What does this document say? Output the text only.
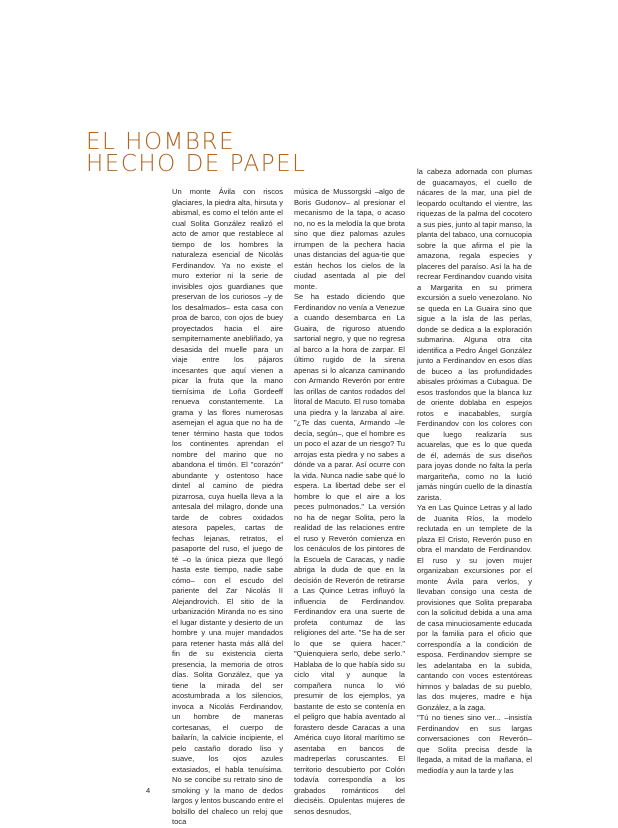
EL HOMBRE
HECHO DE PAPEL

Un monte Ávila con riscos glaciares, la piedra alta, hirsuta y abismal, es como el telón ante el cual Solita González realizó el acto de amor que restablece al tiempo de los hombres la naturaleza esencial de Nicolás Ferdinandov. Ya no existe el muro exterior ni la serie de invisibles ojos guardianes que preservan de los curiosos –y de los desalmados– esta casa con proa de barco, con ojos de buey proyectados hacia el aire sempiternamente anebliñado, ya desasida del muelle para un viaje entre los pájaros incesantes que aquí vienen a picar la fruta que la mano tiernísima de Loña Gordeeff renueva constantemente. La grama y las flores numerosas asemejan el agua que no ha de tener término hasta que todos los continentes aprendan el nombre del marino que no abandona el timón. El "corazón" abundante y ostentoso hace dintel al camino de piedra pizarrosa, cuya huella lleva a la antesala del milagro, donde una tarde de cobres oxidados atesora papeles, cartas de fechas lejanas, retratos, el pasaporte del ruso, el juego de té –o la única pieza que llegó hasta este tiempo, nadie sabe cómo– con el escudo del pariente del Zar Nicolás II Alejandrovich. El sitio de la urbanización Miranda no es sino el lugar distante y desierto de un hombre y una mujer mandados para retener hasta más allá del fin de su existencia cierta presencia, la memoria de otros días. Solita González, que ya tiene la mirada del ser acostumbrada a los silencios, invoca a Nicolás Ferdinandov, un hombre de maneras cortesanas, el cuerpo de bailarín, la calvicie incipiente, el pelo castaño dorado liso y suave, los ojos azules extasiados, el habla tenuísima. No se concibe su retrato sino de smoking y la mano de dedos largos y lentos buscando entre el bolsillo del chaleco un reloj que toca

música de Mussorgski –algo de Boris Gudonov– al presionar el mecanismo de la tapa, o acaso no, no es la melodía la que brota sino que diez palomas azules irrumpen de la pechera hacia unas distancias del agua-tie que están hechos los cielos de la ciudad asentada al pie del monte.

Se ha estado diciendo que Ferdinandov no venía a Venezue a cuando desembarca en La Guaira, de riguroso atuendo sartorial negro, y que no regresa al barco a la hora de zarpar. El último rugido de la sirena apenas si lo alcanza caminando con Armando Reverón por entre las orillas de cantos rodados del litoral de Macuto. El ruso tomaba una piedra y la lanzaba al aire. "¿Te das cuenta, Armando –le decía, según–, que el hombre es un poco el azar de un riesgo? Tu arrojas esta piedra y no sabes a dónde va a parar. Así ocurre con la vida. Nunca nadie sabe qué lo espera. La libertad debe ser el hombre lo que el aire a los peces pulmonados." La versión no ha de negar Solita, pero la realidad de las relaciones entre el ruso y Reverón comienza en los cenáculos de los pintores de la Escuela de Caracas, y nadie abriga la duda de que en la decisión de Reverón de retirarse a Las Quince Letras influyó la influencia de Ferdinandov. Ferdinandov era una suerte de profeta contumaz de las religiones del arte. "Se ha de ser lo que se quiera hacer." "Quienquiera serlo, debe serlo." Hablaba de lo que había sido su ciclo vital y aunque la compañera nunca lo vió presumir de los ejemplos, ya bastante de esto se contenía en el peligro que había aventado al forastero desde Caracas a una América cuyo litoral marítimo se asentaba en bancos de madreperlas coruscantes. El territorio descubierto por Colón todavía correspondía a los grabados románticos del dieciséis. Opulentas mujeres de senos desnudos,

la cabeza adornada con plumas de guacamayos, el cuello de nácares de la mar, una piel de leopardo ocultando el vientre, las riquezas de la palma del cocotero a sus pies, junto al tapir manso, la planta del tabaco, una cornucopia sobre la que afirma el pie la amazona, regala especies y placeres del paraíso. Así la ha de recrear Ferdinandov cuando visita a Margarita en su primera excursión a suelo venezolano. No se queda en La Guaira sino que sigue a la isla de las perlas, donde se dedica a la exploración submarina. Alguna otra cita identifica a Pedro Ángel González junto a Ferdinandov en esos días de buceo a las profundidades abisales próximas a Cubagua. De esos trasfondos que la blanca luz de oriente doblaba en espejos rotos e inacabables, surgía Ferdinandov con los colores con que luego realizaría sus acuarelas, que es lo que queda de él, además de sus diseños para joyas donde no falta la perla margariteña, como no la lució jamás ningún cuello de la dinastía zarista.

Ya en Las Quince Letras y al lado de Juanita Ríos, la modelo reclutada en un templete de la plaza El Cristo, Reverón puso en obra el mandato de Ferdinandov. El ruso y su joven mujer organizaban excursiones por el monte Ávila para verlos, y llevaban consigo una cesta de provisiones que Solita preparaba con la solicitud debida a una ama de casa minuciosamente educada por la familia para el oficio que correspondía a la condición de esposa. Ferdinandov siempre se les adelantaba en la subida, cantando con voces estentóreas himnos y baladas de su pueblo, las dos mujeres, madre e hija González, a la zaga.

"Tú no tienes sino ver... –insistía Ferdinandov en sus largas conversaciones con Reverón– que Solita precisa desde la llegada, a mitad de la mañana, el mediodía y aun la tarde y las

4
